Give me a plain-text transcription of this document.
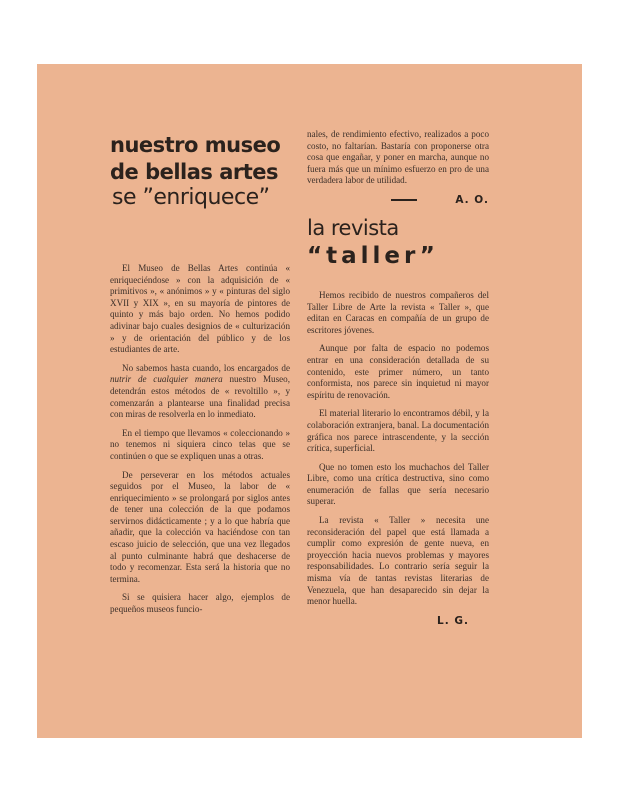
nuestro museo
de bellas artes
se ”enriquece”

El Museo de Bellas Artes continúa « enriqueciéndose » con la adquisición de « primitivos », « anónimos » y « pinturas del siglo XVII y XIX », en su mayoría de pintores de quinto y más bajo orden. No hemos podido adivinar bajo cuales designios de « culturización » y de orientación del público y de los estudiantes de arte.

No sabemos hasta cuando, los encargados de nutrir de cualquier manera nuestro Museo, detendrán estos métodos de « revoltillo », y comenzarán a plantearse una finalidad precisa con miras de resolverla en lo inmediato.

En el tiempo que llevamos « coleccionando » no tenemos ni siquiera cinco telas que se continúen o que se expliquen unas a otras.

De perseverar en los métodos actuales seguidos por el Museo, la labor de « enriquecimiento » se prolongará por siglos antes de tener una colección de la que podamos servirnos didácticamente ; y a lo que habría que añadir, que la colección va haciéndose con tan escaso juicio de selección, que una vez llegados al punto culminante habrá que deshacerse de todo y recomenzar. Esta será la historia que no termina.

Si se quisiera hacer algo, ejemplos de pequeños museos funcio-

nales, de rendimiento efectivo, realizados a poco costo, no faltarían. Bastaría con proponerse otra cosa que engañar, y poner en marcha, aunque no fuera más que un mínimo esfuerzo en pro de una verdadera labor de utilidad.

A. O.
la revista
“taller”

Hemos recibido de nuestros compañeros del Taller Libre de Arte la revista « Taller », que editan en Caracas en compañía de un grupo de escritores jóvenes.

Aunque por falta de espacio no podemos entrar en una consideración detallada de su contenido, este primer número, un tanto conformista, nos parece sin inquietud ni mayor espíritu de renovación.

El material literario lo encontramos débil, y la colaboración extranjera, banal. La documentación gráfica nos parece intrascendente, y la sección crítica, superficial.

Que no tomen esto los muchachos del Taller Libre, como una crítica destructiva, sino como enumeración de fallas que sería necesario superar.

La revista « Taller » necesita une reconsideración del papel que está llamada a cumplir como expresión de gente nueva, en proyección hacia nuevos problemas y mayores responsabilidades. Lo contrario sería seguir la misma vía de tantas revistas literarias de Venezuela, que han desaparecido sin dejar la menor huella.

L. G.
